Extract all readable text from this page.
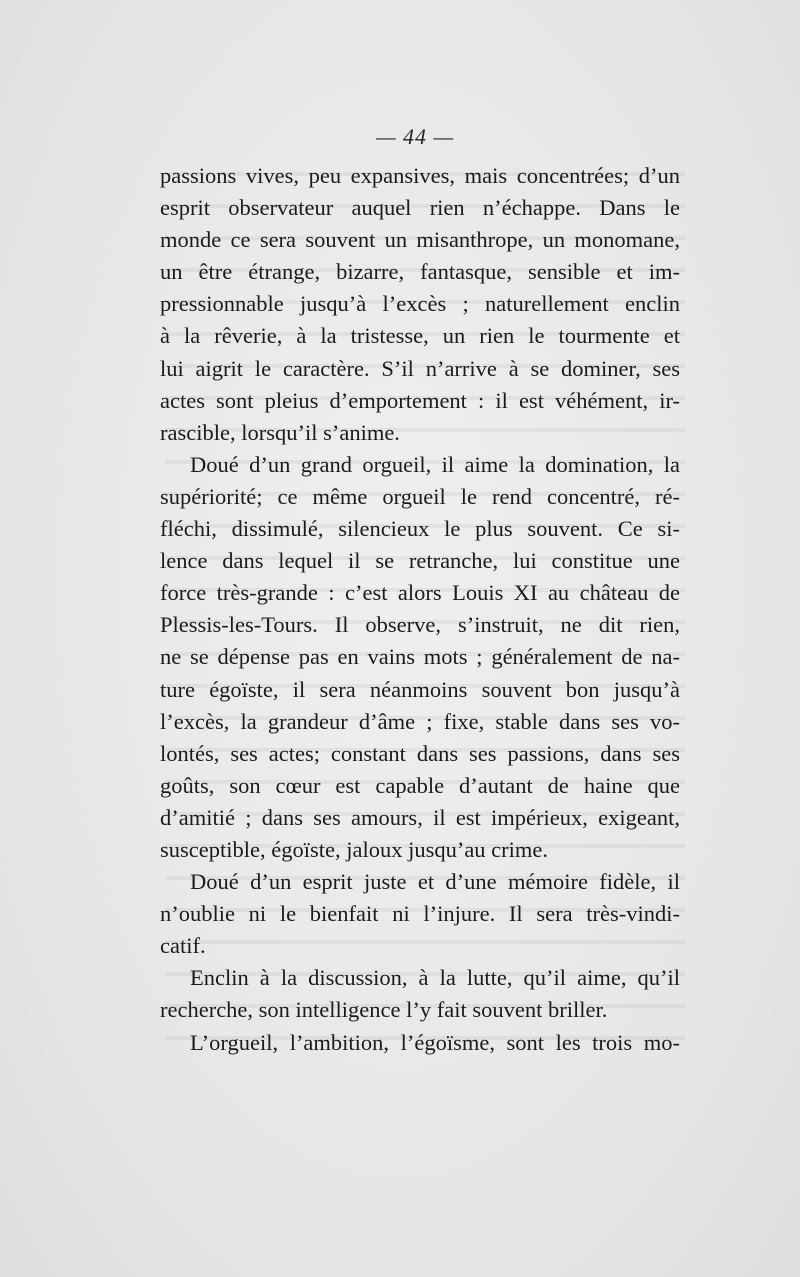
— 44 —
passions vives, peu expansives, mais concentrées; d’un
esprit observateur auquel rien n’échappe. Dans le
monde ce sera souvent un misanthrope, un monomane,
un être étrange, bizarre, fantasque, sensible et im-
pressionnable jusqu’à l’excès ; naturellement enclin
à la rêverie, à la tristesse, un rien le tourmente et
lui aigrit le caractère. S’il n’arrive à se dominer, ses
actes sont pleius d’emportement : il est véhément, ir-
rascible, lorsqu’il s’anime.
Doué d’un grand orgueil, il aime la domination, la
supériorité; ce même orgueil le rend concentré, ré-
fléchi, dissimulé, silencieux le plus souvent. Ce si-
lence dans lequel il se retranche, lui constitue une
force très-grande : c’est alors Louis XI au château de
Plessis-les-Tours. Il observe, s’instruit, ne dit rien,
ne se dépense pas en vains mots ; généralement de na-
ture égoïste, il sera néanmoins souvent bon jusqu’à
l’excès, la grandeur d’âme ; fixe, stable dans ses vo-
lontés, ses actes; constant dans ses passions, dans ses
goûts, son cœur est capable d’autant de haine que
d’amitié ; dans ses amours, il est impérieux, exigeant,
susceptible, égoïste, jaloux jusqu’au crime.
Doué d’un esprit juste et d’une mémoire fidèle, il
n’oublie ni le bienfait ni l’injure. Il sera très-vindi-
catif.
Enclin à la discussion, à la lutte, qu’il aime, qu’il
recherche, son intelligence l’y fait souvent briller.
L’orgueil, l’ambition, l’égoïsme, sont les trois mo-
